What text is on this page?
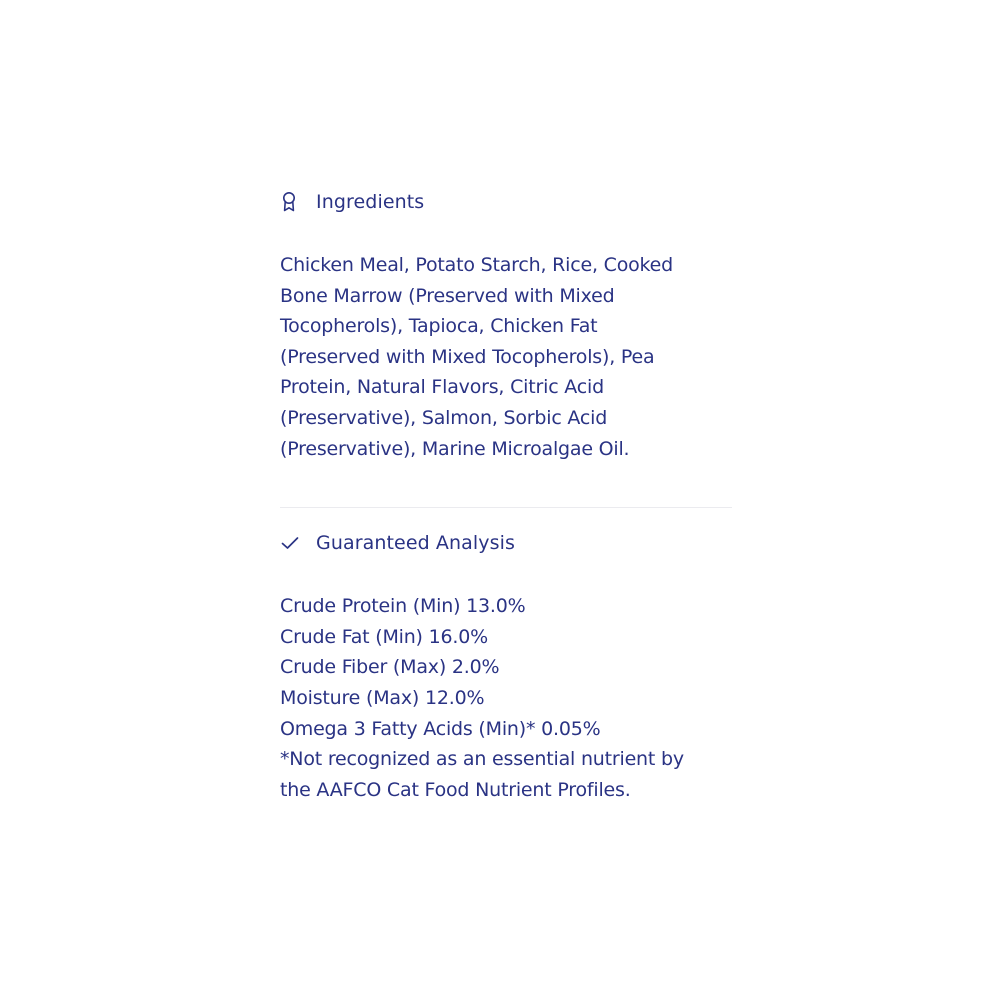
Ingredients
Chicken Meal, Potato Starch, Rice, Cooked
Bone Marrow (Preserved with Mixed
Tocopherols), Tapioca, Chicken Fat
(Preserved with Mixed Tocopherols), Pea
Protein, Natural Flavors, Citric Acid
(Preservative), Salmon, Sorbic Acid
(Preservative), Marine Microalgae Oil.
Guaranteed Analysis
Crude Protein (Min) 13.0%
Crude Fat (Min) 16.0%
Crude Fiber (Max) 2.0%
Moisture (Max) 12.0%
Omega 3 Fatty Acids (Min)* 0.05%
*Not recognized as an essential nutrient by
the AAFCO Cat Food Nutrient Profiles.
